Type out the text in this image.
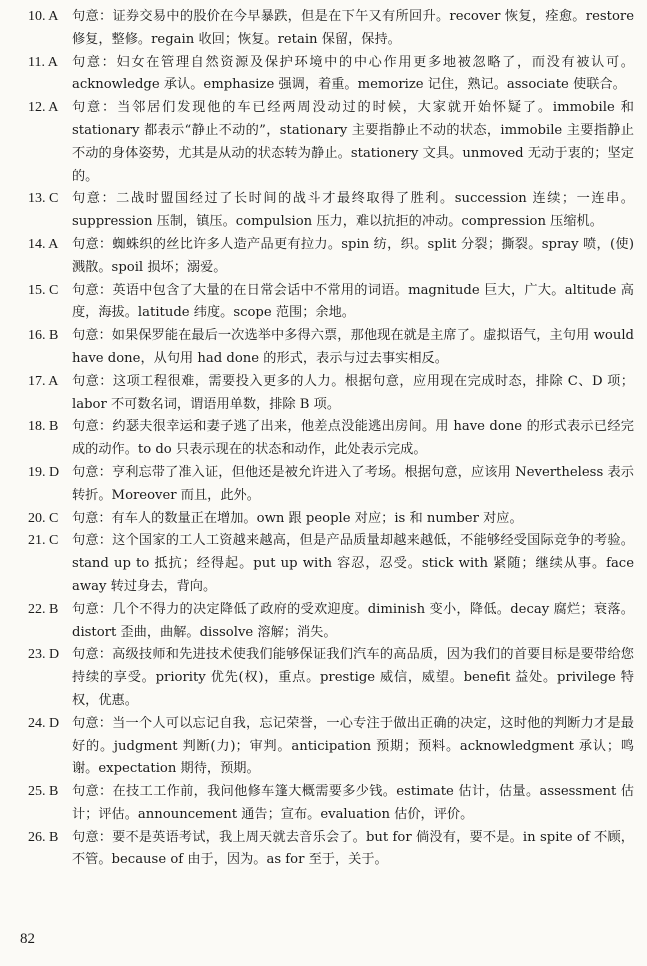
10. A	句意：证券交易中的股价在今早暴跌，但是在下午又有所回升。recover 恢复，痊愈。restore 修复，整修。regain 收回；恢复。retain 保留，保持。
11. A	句意：妇女在管理自然资源及保护环境中的中心作用更多地被忽略了，而没有被认可。acknowledge 承认。emphasize 强调，着重。memorize 记住，熟记。associate 使联合。
12. A	句意：当邻居们发现他的车已经两周没动过的时候，大家就开始怀疑了。immobile 和 stationary 都表示“静止不动的”，stationary 主要指静止不动的状态，immobile 主要指静止不动的身体姿势，尤其是从动的状态转为静止。stationery 文具。unmoved 无动于衷的；坚定的。
13. C	句意：二战时盟国经过了长时间的战斗才最终取得了胜利。succession 连续；一连串。suppression 压制，镇压。compulsion 压力，难以抗拒的冲动。compression 压缩机。
14. A	句意：蜘蛛织的丝比许多人造产品更有拉力。spin 纺，织。split 分裂；撕裂。spray 喷，(使)溅散。spoil 损坏；溺爱。
15. C	句意：英语中包含了大量的在日常会话中不常用的词语。magnitude 巨大，广大。altitude 高度，海拔。latitude 纬度。scope 范围；余地。
16. B	句意：如果保罗能在最后一次选举中多得六票，那他现在就是主席了。虚拟语气，主句用 would have done，从句用 had done 的形式，表示与过去事实相反。
17. A	句意：这项工程很难，需要投入更多的人力。根据句意，应用现在完成时态，排除 C、D 项；labor 不可数名词，谓语用单数，排除 B 项。
18. B	句意：约瑟夫很幸运和妻子逃了出来，他差点没能逃出房间。用 have done 的形式表示已经完成的动作。to do 只表示现在的状态和动作，此处表示完成。
19. D 句意：亨利忘带了准入证，但他还是被允许进入了考场。根据句意，应该用 Nevertheless 表示转折。Moreover 而且，此外。
20. C	句意：有车人的数量正在增加。own 跟 people 对应；is 和 number 对应。
21. C	句意：这个国家的工人工资越来越高，但是产品质量却越来越低，不能够经受国际竞争的考验。stand up to 抵抗；经得起。put up with 容忍，忍受。stick with 紧随；继续从事。face away 转过身去，背向。
22. B	句意：几个不得力的决定降低了政府的受欢迎度。diminish 变小，降低。decay 腐烂；衰落。distort 歪曲，曲解。dissolve 溶解；消失。
23. D 句意：高级技师和先进技术使我们能够保证我们汽车的高品质，因为我们的首要目标是要带给您持续的享受。priority 优先(权)，重点。prestige 威信，威望。benefit 益处。privilege 特权，优惠。
24. D 句意：当一个人可以忘记自我，忘记荣誉，一心专注于做出正确的决定，这时他的判断力才是最好的。judgment 判断(力)；审判。anticipation 预期；预料。acknowledgment 承认；鸣谢。expectation 期待，预期。
25. B	句意：在技工工作前，我问他修车篷大概需要多少钱。estimate 估计，估量。assessment 估计；评估。announcement 通告；宣布。evaluation 估价，评价。
26. B	句意：要不是英语考试，我上周天就去音乐会了。but for 倘没有，要不是。in spite of 不顾，不管。because of 由于，因为。as for 至于，关于。
82
